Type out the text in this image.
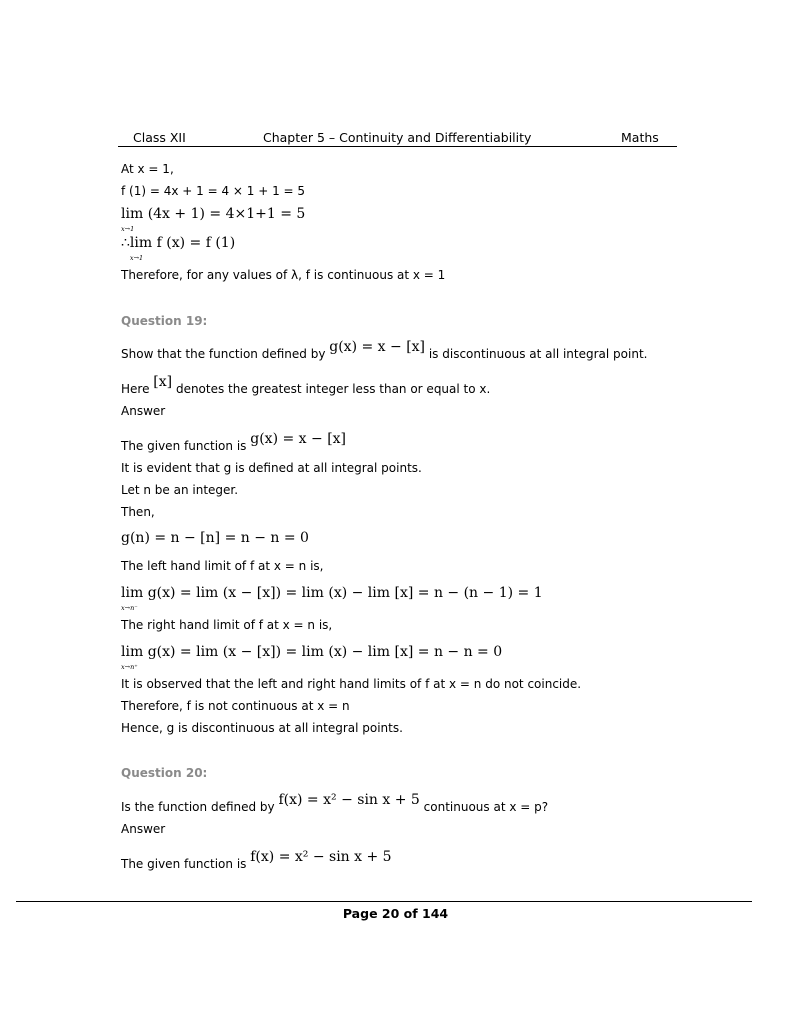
Class XII	Chapter 5 – Continuity and Differentiability	Maths
At x = 1,
f (1) = 4x + 1 = 4 × 1 + 1 = 5
lim
x→1
(4x + 1) = 4×1+1 = 5
∴lim
x→1
f (x) = f (1)
Therefore, for any values of λ, f is continuous at x = 1
Question 19:
Show that the function defined by g(x) = x − [x] is discontinuous at all integral point.
Here [x] denotes the greatest integer less than or equal to x.
Answer
The given function is g(x) = x − [x]
It is evident that g is defined at all integral points.
Let n be an integer.
Then,
g(n) = n − [n] = n − n = 0
The left hand limit of f at x = n is,
lim
x→n⁻
g(x) = lim (x − [x]) = lim (x) − lim [x] = n − (n − 1) = 1
The right hand limit of f at x = n is,
lim
x→n⁺
g(x) = lim (x − [x]) = lim (x) − lim [x] = n − n = 0
It is observed that the left and right hand limits of f at x = n do not coincide.
Therefore, f is not continuous at x = n
Hence, g is discontinuous at all integral points.
Question 20:
Is the function defined by f(x) = x² − sin x + 5 continuous at x = p?
Answer
The given function is f(x) = x² − sin x + 5
Page 20 of 144
